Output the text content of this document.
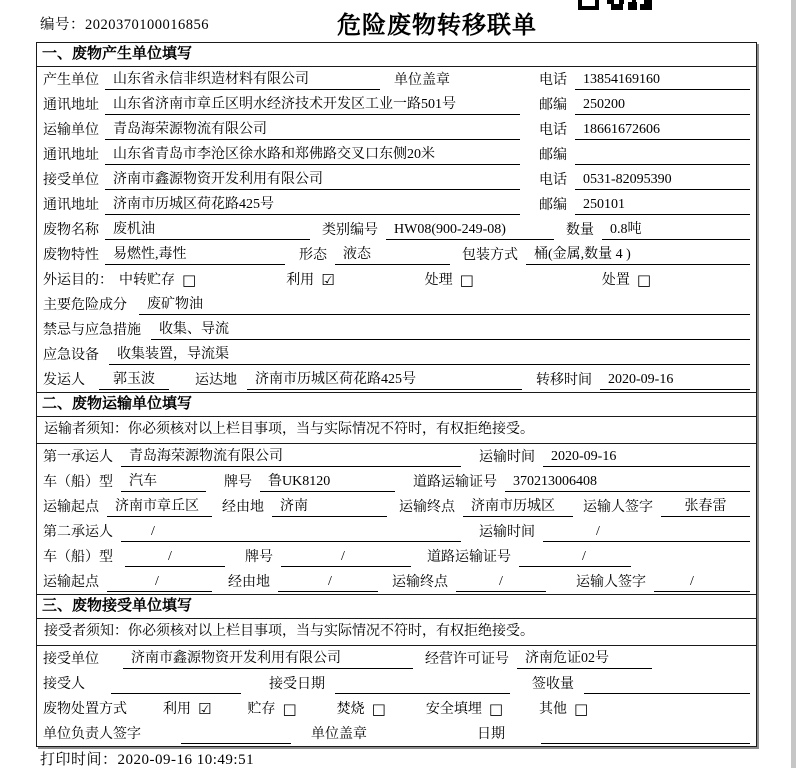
编号：2020370100016856	危险废物转移联单
一、废物产生单位填写
产生单位	山东省永信非织造材料有限公司	单位盖章	电话	13854169160
通讯地址	山东省济南市章丘区明水经济技术开发区工业一路501号	邮编	250200
运输单位	青岛海荣源物流有限公司	电话	18661672606
通讯地址	山东省青岛市李沧区徐水路和郑佛路交叉口东侧20米	邮编
接受单位	济南市鑫源物资开发利用有限公司	电话	0531-82095390
通讯地址	济南市历城区荷花路425号	邮编	250101
废物名称	废机油	类别编号	HW08(900-249-08)	数量	0.8吨
废物特性	易燃性,毒性	形态	液态	包装方式	桶(金属,数量 4 )
外运目的： 中转贮存 □	利用 ☑	处理 □	处置 □
主要危险成分	废矿物油
禁忌与应急措施	收集、导流
应急设备	收集装置，导流渠
发运人	郭玉波	运达地	济南市历城区荷花路425号	转移时间	2020-09-16
二、废物运输单位填写
运输者须知：你必须核对以上栏目事项，当与实际情况不符时，有权拒绝接受。
第一承运人	青岛海荣源物流有限公司	运输时间	2020-09-16
车（船）型	汽车	牌号	鲁UK8120	道路运输证号	370213006408
运输起点	济南市章丘区	经由地	济南	运输终点	济南市历城区	运输人签字	张春雷
第二承运人	/	运输时间	/
车（船）型	/	牌号	/	道路运输证号	/
运输起点	/	经由地	/	运输终点	/	运输人签字	/
三、废物接受单位填写
接受者须知：你必须核对以上栏目事项，当与实际情况不符时，有权拒绝接受。
接受单位	济南市鑫源物资开发利用有限公司	经营许可证号	济南危证02号
接受人	接受日期	签收量
废物处置方式	利用 ☑	贮存 □	焚烧 □	安全填埋 □	其他 □
单位负责人签字	单位盖章	日期
打印时间：2020-09-16 10:49:51
